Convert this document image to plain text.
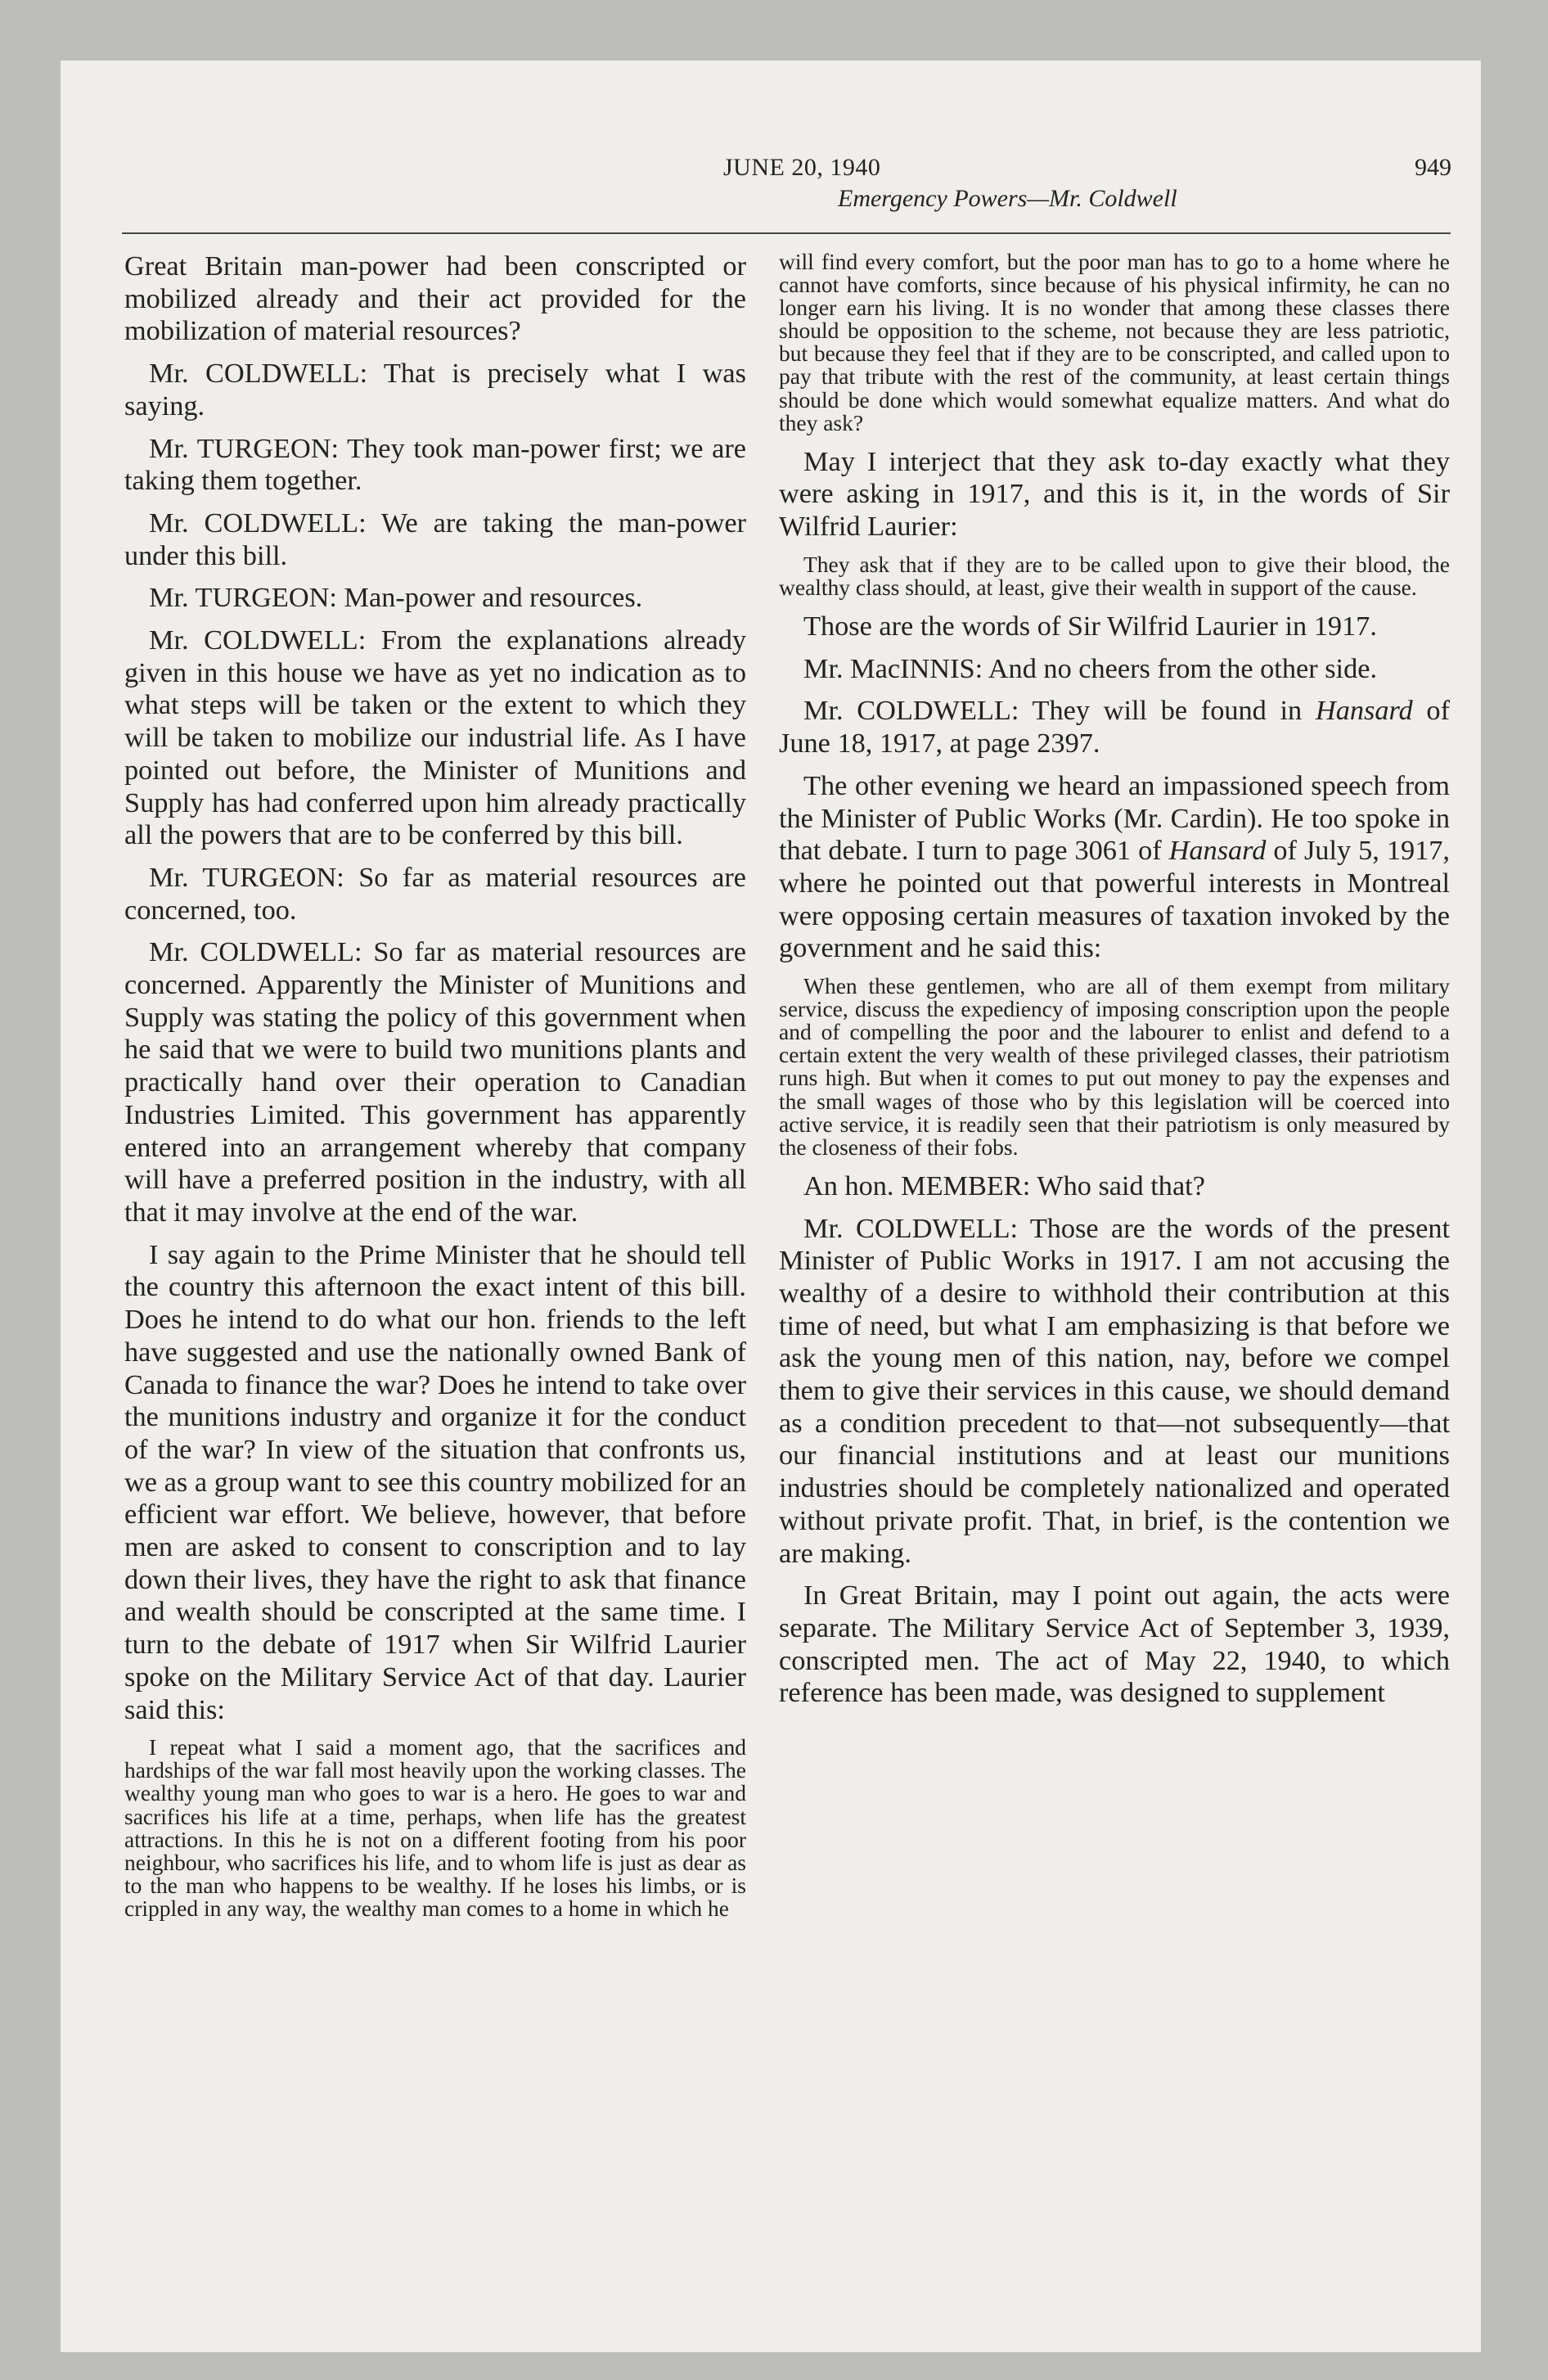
JUNE 20, 1940	949
Emergency Powers—Mr. Coldwell

Great Britain man-power had been conscripted or mobilized already and their act provided for the mobilization of material resources?

Mr. COLDWELL: That is precisely what I was saying.

Mr. TURGEON: They took man-power first; we are taking them together.

Mr. COLDWELL: We are taking the man-power under this bill.

Mr. TURGEON: Man-power and resources.

Mr. COLDWELL: From the explanations already given in this house we have as yet no indication as to what steps will be taken or the extent to which they will be taken to mobilize our industrial life. As I have pointed out before, the Minister of Munitions and Supply has had conferred upon him already practically all the powers that are to be conferred by this bill.

Mr. TURGEON: So far as material resources are concerned, too.

Mr. COLDWELL: So far as material resources are concerned. Apparently the Minister of Munitions and Supply was stating the policy of this government when he said that we were to build two munitions plants and practically hand over their operation to Canadian Industries Limited. This government has apparently entered into an arrangement whereby that company will have a preferred position in the industry, with all that it may involve at the end of the war.

I say again to the Prime Minister that he should tell the country this afternoon the exact intent of this bill. Does he intend to do what our hon. friends to the left have suggested and use the nationally owned Bank of Canada to finance the war? Does he intend to take over the munitions industry and organize it for the conduct of the war? In view of the situation that confronts us, we as a group want to see this country mobilized for an efficient war effort. We believe, however, that before men are asked to consent to conscription and to lay down their lives, they have the right to ask that finance and wealth should be conscripted at the same time. I turn to the debate of 1917 when Sir Wilfrid Laurier spoke on the Military Service Act of that day. Laurier said this:

I repeat what I said a moment ago, that the sacrifices and hardships of the war fall most heavily upon the working classes. The wealthy young man who goes to war is a hero. He goes to war and sacrifices his life at a time, perhaps, when life has the greatest attractions. In this he is not on a different footing from his poor neighbour, who sacrifices his life, and to whom life is just as dear as to the man who happens to be wealthy. If he loses his limbs, or is crippled in any way, the wealthy man comes to a home in which he

will find every comfort, but the poor man has to go to a home where he cannot have comforts, since because of his physical infirmity, he can no longer earn his living. It is no wonder that among these classes there should be opposition to the scheme, not because they are less patriotic, but because they feel that if they are to be conscripted, and called upon to pay that tribute with the rest of the community, at least certain things should be done which would somewhat equalize matters. And what do they ask?

May I interject that they ask to-day exactly what they were asking in 1917, and this is it, in the words of Sir Wilfrid Laurier:

They ask that if they are to be called upon to give their blood, the wealthy class should, at least, give their wealth in support of the cause.

Those are the words of Sir Wilfrid Laurier in 1917.

Mr. MacINNIS: And no cheers from the other side.

Mr. COLDWELL: They will be found in Hansard of June 18, 1917, at page 2397.

The other evening we heard an impassioned speech from the Minister of Public Works (Mr. Cardin). He too spoke in that debate. I turn to page 3061 of Hansard of July 5, 1917, where he pointed out that powerful interests in Montreal were opposing certain measures of taxation invoked by the government and he said this:

When these gentlemen, who are all of them exempt from military service, discuss the expediency of imposing conscription upon the people and of compelling the poor and the labourer to enlist and defend to a certain extent the very wealth of these privileged classes, their patriotism runs high. But when it comes to put out money to pay the expenses and the small wages of those who by this legislation will be coerced into active service, it is readily seen that their patriotism is only measured by the closeness of their fobs.

An hon. MEMBER: Who said that?

Mr. COLDWELL: Those are the words of the present Minister of Public Works in 1917. I am not accusing the wealthy of a desire to withhold their contribution at this time of need, but what I am emphasizing is that before we ask the young men of this nation, nay, before we compel them to give their services in this cause, we should demand as a condition precedent to that—not subsequently—that our financial institutions and at least our munitions industries should be completely nationalized and operated without private profit. That, in brief, is the contention we are making.

In Great Britain, may I point out again, the acts were separate. The Military Service Act of September 3, 1939, conscripted men. The act of May 22, 1940, to which reference has been made, was designed to supplement
